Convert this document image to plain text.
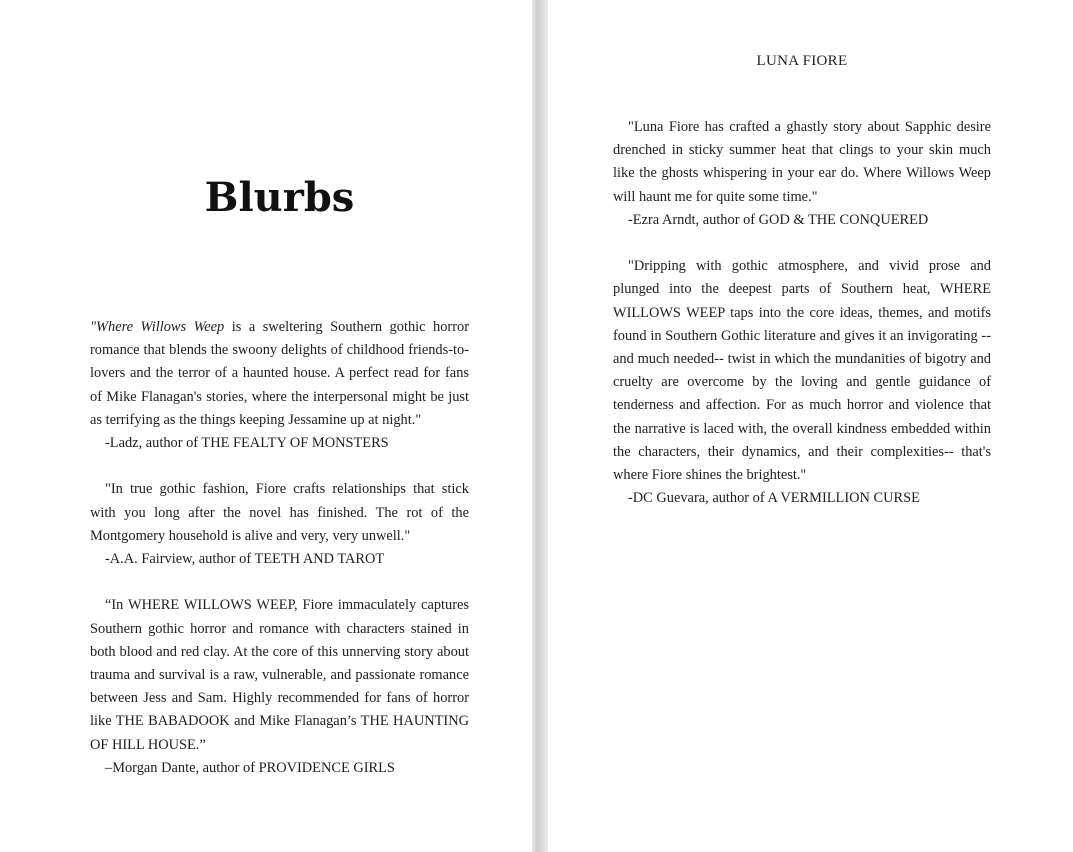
Blurbs

"Where Willows Weep is a sweltering Southern gothic horror romance that blends the swoony delights of childhood friends-to-lovers and the terror of a haunted house. A perfect read for fans of Mike Flanagan's stories, where the interpersonal might be just as terrifying as the things keeping Jessamine up at night."

-Ladz, author of THE FEALTY OF MONSTERS

"In true gothic fashion, Fiore crafts relationships that stick with you long after the novel has finished. The rot of the Montgomery household is alive and very, very unwell."

-A.A. Fairview, author of TEETH AND TAROT

“In WHERE WILLOWS WEEP, Fiore immaculately captures Southern gothic horror and romance with characters stained in both blood and red clay. At the core of this unnerving story about trauma and survival is a raw, vulnerable, and passionate romance between Jess and Sam. Highly recommended for fans of horror like THE BABADOOK and Mike Flanagan’s THE HAUNTING OF HILL HOUSE.”

–Morgan Dante, author of PROVIDENCE GIRLS

LUNA FIORE

"Luna Fiore has crafted a ghastly story about Sapphic desire drenched in sticky summer heat that clings to your skin much like the ghosts whispering in your ear do. Where Willows Weep will haunt me for quite some time."

-Ezra Arndt, author of GOD & THE CONQUERED

"Dripping with gothic atmosphere, and vivid prose and plunged into the deepest parts of Southern heat, WHERE WILLOWS WEEP taps into the core ideas, themes, and motifs found in Southern Gothic literature and gives it an invigorating -- and much needed-- twist in which the mundanities of bigotry and cruelty are overcome by the loving and gentle guidance of tenderness and affection. For as much horror and violence that the narrative is laced with, the overall kindness embedded within the characters, their dynamics, and their complexities-- that's where Fiore shines the brightest."

-DC Guevara, author of A VERMILLION CURSE
